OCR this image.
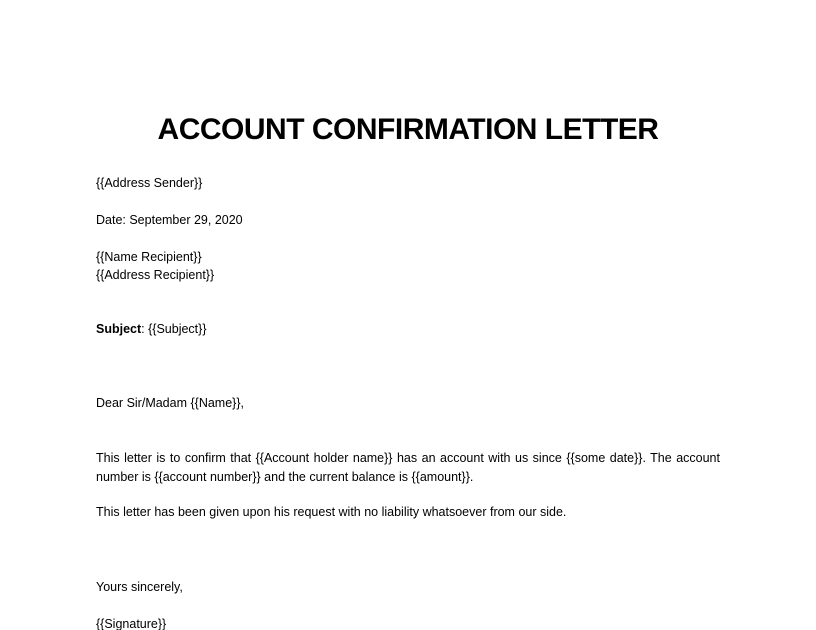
ACCOUNT CONFIRMATION LETTER
{{Address Sender}}
Date: September 29, 2020
{{Name Recipient}}
{{Address Recipient}}
Subject: {{Subject}}
Dear Sir/Madam {{Name}},
This letter is to confirm that {{Account holder name}} has an account with us since {{some date}}. The account number is {{account number}} and the current balance is {{amount}}.
This letter has been given upon his request with no liability whatsoever from our side.
Yours sincerely,
{{Signature}}
